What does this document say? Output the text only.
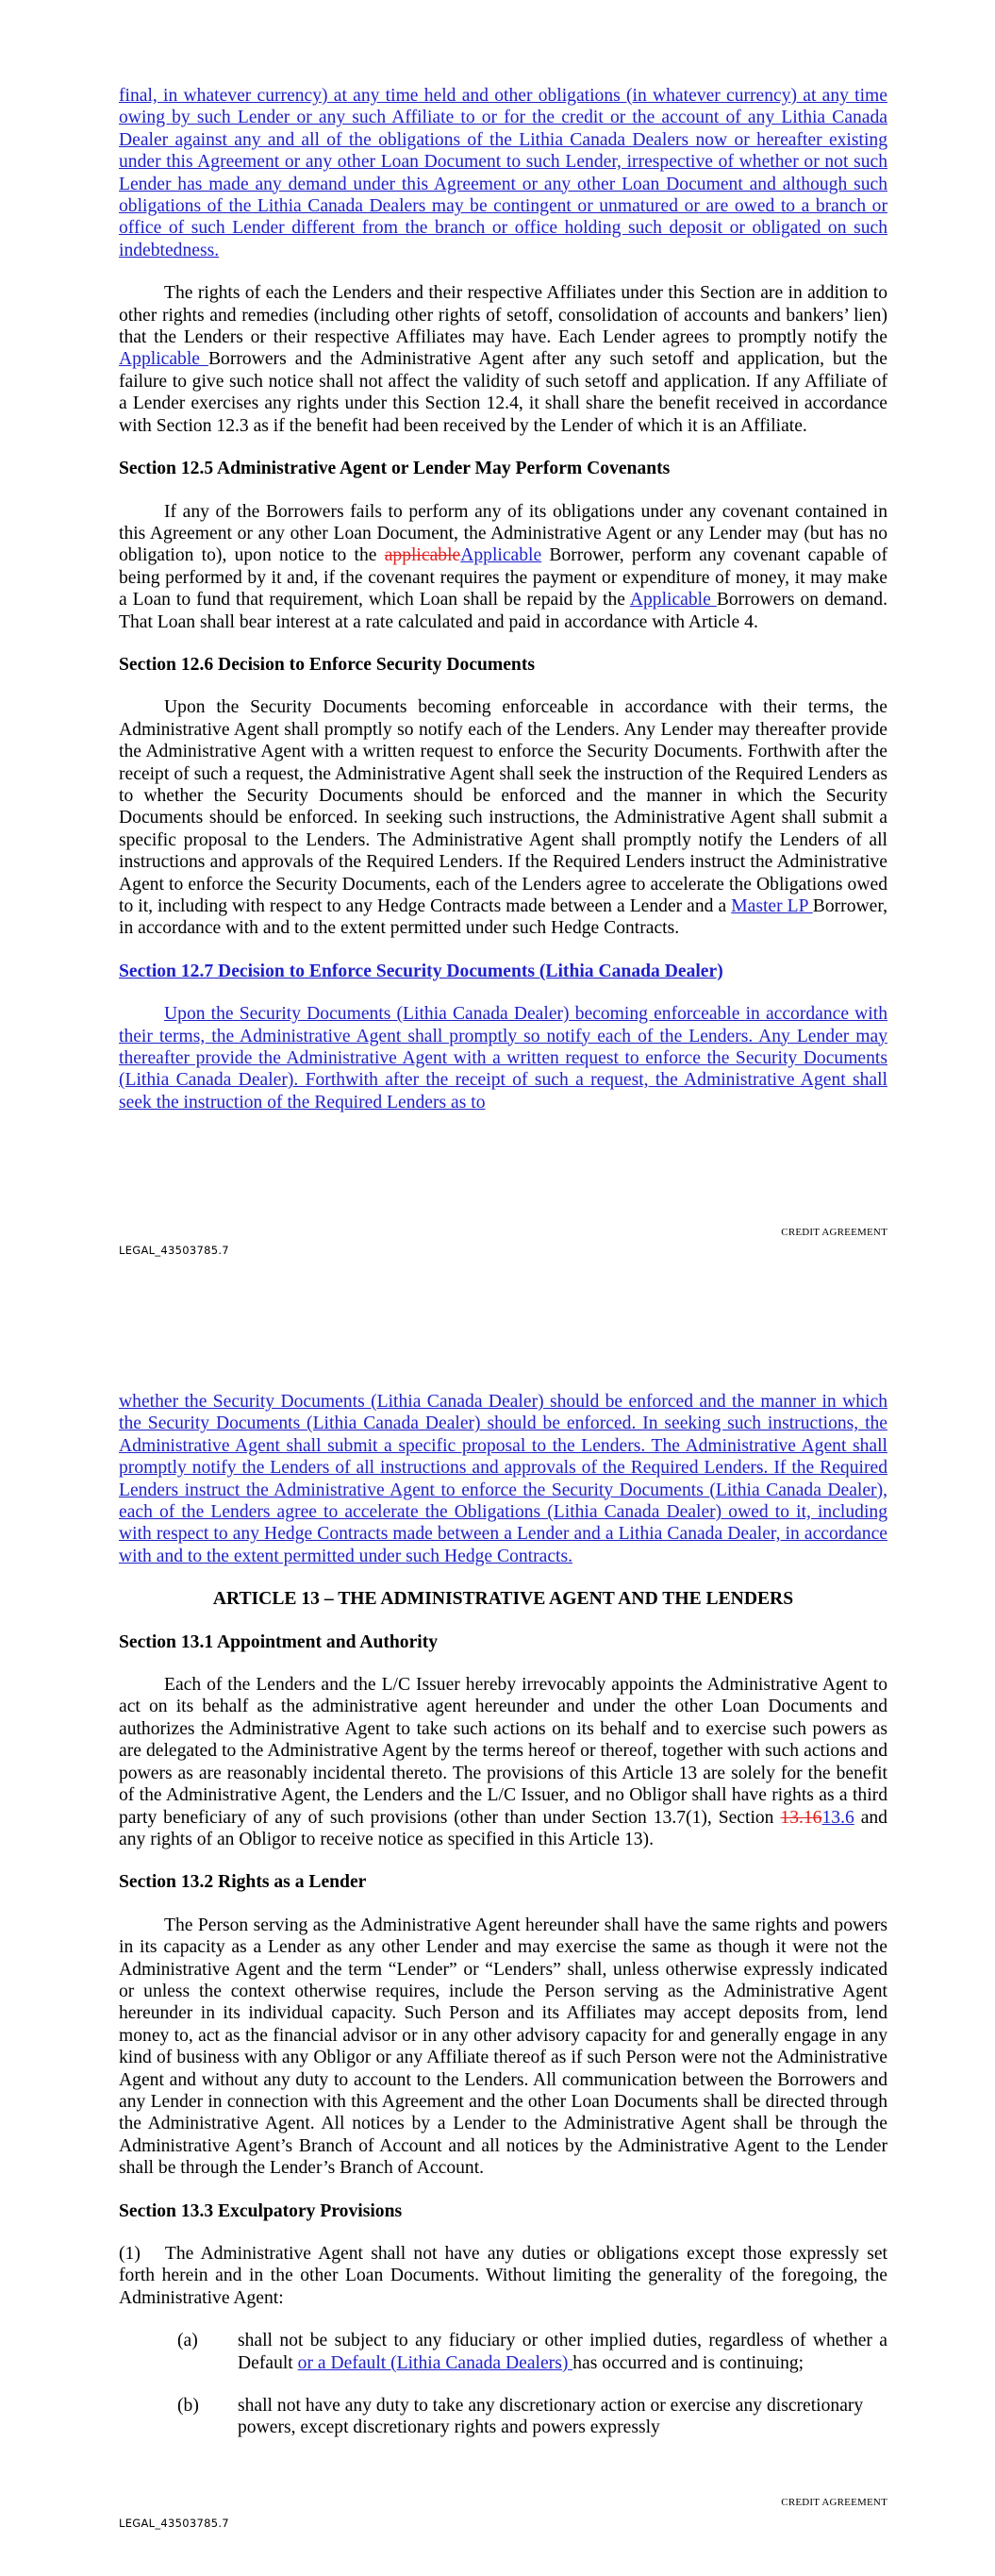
final, in whatever currency) at any time held and other obligations (in whatever currency) at any time owing by such Lender or any such Affiliate to or for the credit or the account of any Lithia Canada Dealer against any and all of the obligations of the Lithia Canada Dealers now or hereafter existing under this Agreement or any other Loan Document to such Lender, irrespective of whether or not such Lender has made any demand under this Agreement or any other Loan Document and although such obligations of the Lithia Canada Dealers may be contingent or unmatured or are owed to a branch or office of such Lender different from the branch or office holding such deposit or obligated on such indebtedness.

The rights of each the Lenders and their respective Affiliates under this Section are in addition to other rights and remedies (including other rights of setoff, consolidation of accounts and bankers’ lien) that the Lenders or their respective Affiliates may have. Each Lender agrees to promptly notify the Applicable Borrowers and the Administrative Agent after any such setoff and application, but the failure to give such notice shall not affect the validity of such setoff and application. If any Affiliate of a Lender exercises any rights under this Section 12.4, it shall share the benefit received in accordance with Section 12.3 as if the benefit had been received by the Lender of which it is an Affiliate.

Section 12.5 Administrative Agent or Lender May Perform Covenants

If any of the Borrowers fails to perform any of its obligations under any covenant contained in this Agreement or any other Loan Document, the Administrative Agent or any Lender may (but has no obligation to), upon notice to the applicableApplicable Borrower, perform any covenant capable of being performed by it and, if the covenant requires the payment or expenditure of money, it may make a Loan to fund that requirement, which Loan shall be repaid by the Applicable Borrowers on demand. That Loan shall bear interest at a rate calculated and paid in accordance with Article 4.

Section 12.6 Decision to Enforce Security Documents

Upon the Security Documents becoming enforceable in accordance with their terms, the Administrative Agent shall promptly so notify each of the Lenders. Any Lender may thereafter provide the Administrative Agent with a written request to enforce the Security Documents. Forthwith after the receipt of such a request, the Administrative Agent shall seek the instruction of the Required Lenders as to whether the Security Documents should be enforced and the manner in which the Security Documents should be enforced. In seeking such instructions, the Administrative Agent shall submit a specific proposal to the Lenders. The Administrative Agent shall promptly notify the Lenders of all instructions and approvals of the Required Lenders. If the Required Lenders instruct the Administrative Agent to enforce the Security Documents, each of the Lenders agree to accelerate the Obligations owed to it, including with respect to any Hedge Contracts made between a Lender and a Master LP Borrower, in accordance with and to the extent permitted under such Hedge Contracts.

Section 12.7 Decision to Enforce Security Documents (Lithia Canada Dealer)

Upon the Security Documents (Lithia Canada Dealer) becoming enforceable in accordance with their terms, the Administrative Agent shall promptly so notify each of the Lenders. Any Lender may thereafter provide the Administrative Agent with a written request to enforce the Security Documents (Lithia Canada Dealer). Forthwith after the receipt of such a request, the Administrative Agent shall seek the instruction of the Required Lenders as to

CREDIT AGREEMENT
LEGAL_43503785.7

whether the Security Documents (Lithia Canada Dealer) should be enforced and the manner in which the Security Documents (Lithia Canada Dealer) should be enforced. In seeking such instructions, the Administrative Agent shall submit a specific proposal to the Lenders. The Administrative Agent shall promptly notify the Lenders of all instructions and approvals of the Required Lenders. If the Required Lenders instruct the Administrative Agent to enforce the Security Documents (Lithia Canada Dealer), each of the Lenders agree to accelerate the Obligations (Lithia Canada Dealer) owed to it, including with respect to any Hedge Contracts made between a Lender and a Lithia Canada Dealer, in accordance with and to the extent permitted under such Hedge Contracts.

ARTICLE 13 – THE ADMINISTRATIVE AGENT AND THE LENDERS
Section 13.1 Appointment and Authority

Each of the Lenders and the L/C Issuer hereby irrevocably appoints the Administrative Agent to act on its behalf as the administrative agent hereunder and under the other Loan Documents and authorizes the Administrative Agent to take such actions on its behalf and to exercise such powers as are delegated to the Administrative Agent by the terms hereof or thereof, together with such actions and powers as are reasonably incidental thereto. The provisions of this Article 13 are solely for the benefit of the Administrative Agent, the Lenders and the L/C Issuer, and no Obligor shall have rights as a third party beneficiary of any of such provisions (other than under Section 13.7(1), Section 13.1613.6 and any rights of an Obligor to receive notice as specified in this Article 13).

Section 13.2 Rights as a Lender

The Person serving as the Administrative Agent hereunder shall have the same rights and powers in its capacity as a Lender as any other Lender and may exercise the same as though it were not the Administrative Agent and the term “Lender” or “Lenders” shall, unless otherwise expressly indicated or unless the context otherwise requires, include the Person serving as the Administrative Agent hereunder in its individual capacity. Such Person and its Affiliates may accept deposits from, lend money to, act as the financial advisor or in any other advisory capacity for and generally engage in any kind of business with any Obligor or any Affiliate thereof as if such Person were not the Administrative Agent and without any duty to account to the Lenders. All communication between the Borrowers and any Lender in connection with this Agreement and the other Loan Documents shall be directed through the Administrative Agent. All notices by a Lender to the Administrative Agent shall be through the Administrative Agent’s Branch of Account and all notices by the Administrative Agent to the Lender shall be through the Lender’s Branch of Account.

Section 13.3 Exculpatory Provisions

(1) The Administrative Agent shall not have any duties or obligations except those expressly set forth herein and in the other Loan Documents. Without limiting the generality of the foregoing, the Administrative Agent:

(a)	shall not be subject to any fiduciary or other implied duties, regardless of whether a Default or a Default (Lithia Canada Dealers) has occurred and is continuing;
(b)	shall not have any duty to take any discretionary action or exercise any discretionary powers, except discretionary rights and powers expressly
CREDIT AGREEMENT
LEGAL_43503785.7
